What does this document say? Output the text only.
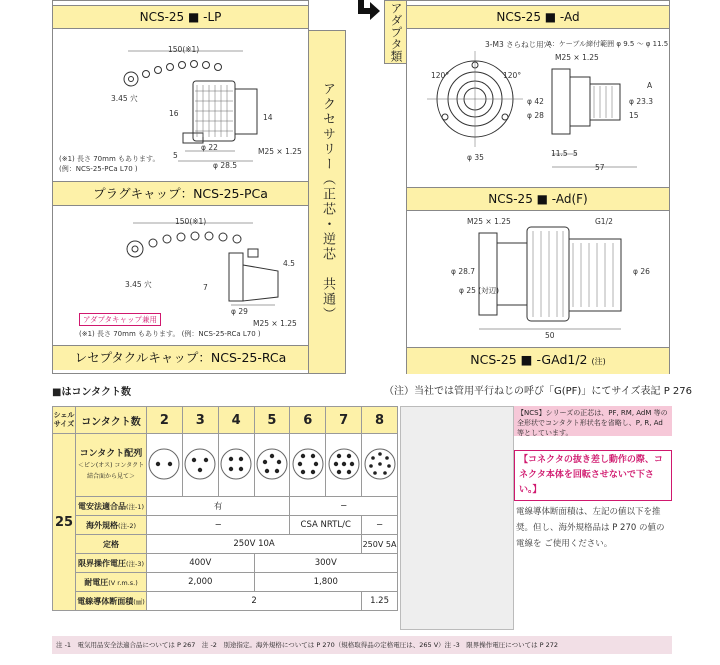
NCS-25 ■ -LP
150(※1)
3.45 穴
16	14
5
φ 22
φ 28.5
M25 × 1.25
(※1) 長さ 70mm もあります。
(例：NCS-25-PCa L70 )
プラグキャップ：NCS-25-PCa
150(※1)
3.45 穴	7
4.5
φ 29
M25 × 1.25
アダプタキャップ兼用
(※1) 長さ 70mm もあります。 (例：NCS-25-RCa L70 )
レセプタクルキャップ：NCS-25-RCa
アクセサリー（正芯・逆芯　共通）
アダプタ類	NCS-25 ■ -Ad
3-M3 さらねじ用穴
A：ケーブル締付範囲 φ 9.5 ～ φ 11.5
M25 × 1.25
120°	120°
φ 42
φ 28
φ 35
φ 23.3
15
A
11.5 5
57
NCS-25 ■ -Ad(F)
M25 × 1.25	G1/2
φ 28.7	φ 26
φ 25 (対辺)
50
NCS-25 ■ -GAd1/2 (注)
■はコンタクト数	（注）当社では管用平行ねじの呼び「G(PF)」にてサイズ表記 P 276
シェル サイズ	コンタクト数	2	3	4	5	6	7	8
25	コンタクト配列
＜ピン(オス) コンタクト
結合面から見て＞

	電安法適合品(注-1)	有				−		
	海外規格(注-2)	−				CSA NRTL/C		−
	定格	250V 10A						250V 5A
	限界操作電圧(注-3)	400V			300V			
	耐電圧(V r.m.s.)	2,000			1,800			
	電線導体断面積(㎟)	2						1.25
【NCS】シリーズの正芯は、PF, RM, AdM 等の全形状でコンタクト形状名を省略し、P, R, Ad 等としています。
【コネクタの抜き差し動作の際、コネクタ本体を回転させないで下さい。】
電線導体断面積は、左記の値以下を推奨。但し、海外規格品は P 270 の値の電線を ご使用ください。
注 -1　電気用品安全法適合品については P 267　注 -2　別途指定。海外規格については P 270（規格取得品の定格電圧は、265 V）注 -3　限界操作電圧については P 272
